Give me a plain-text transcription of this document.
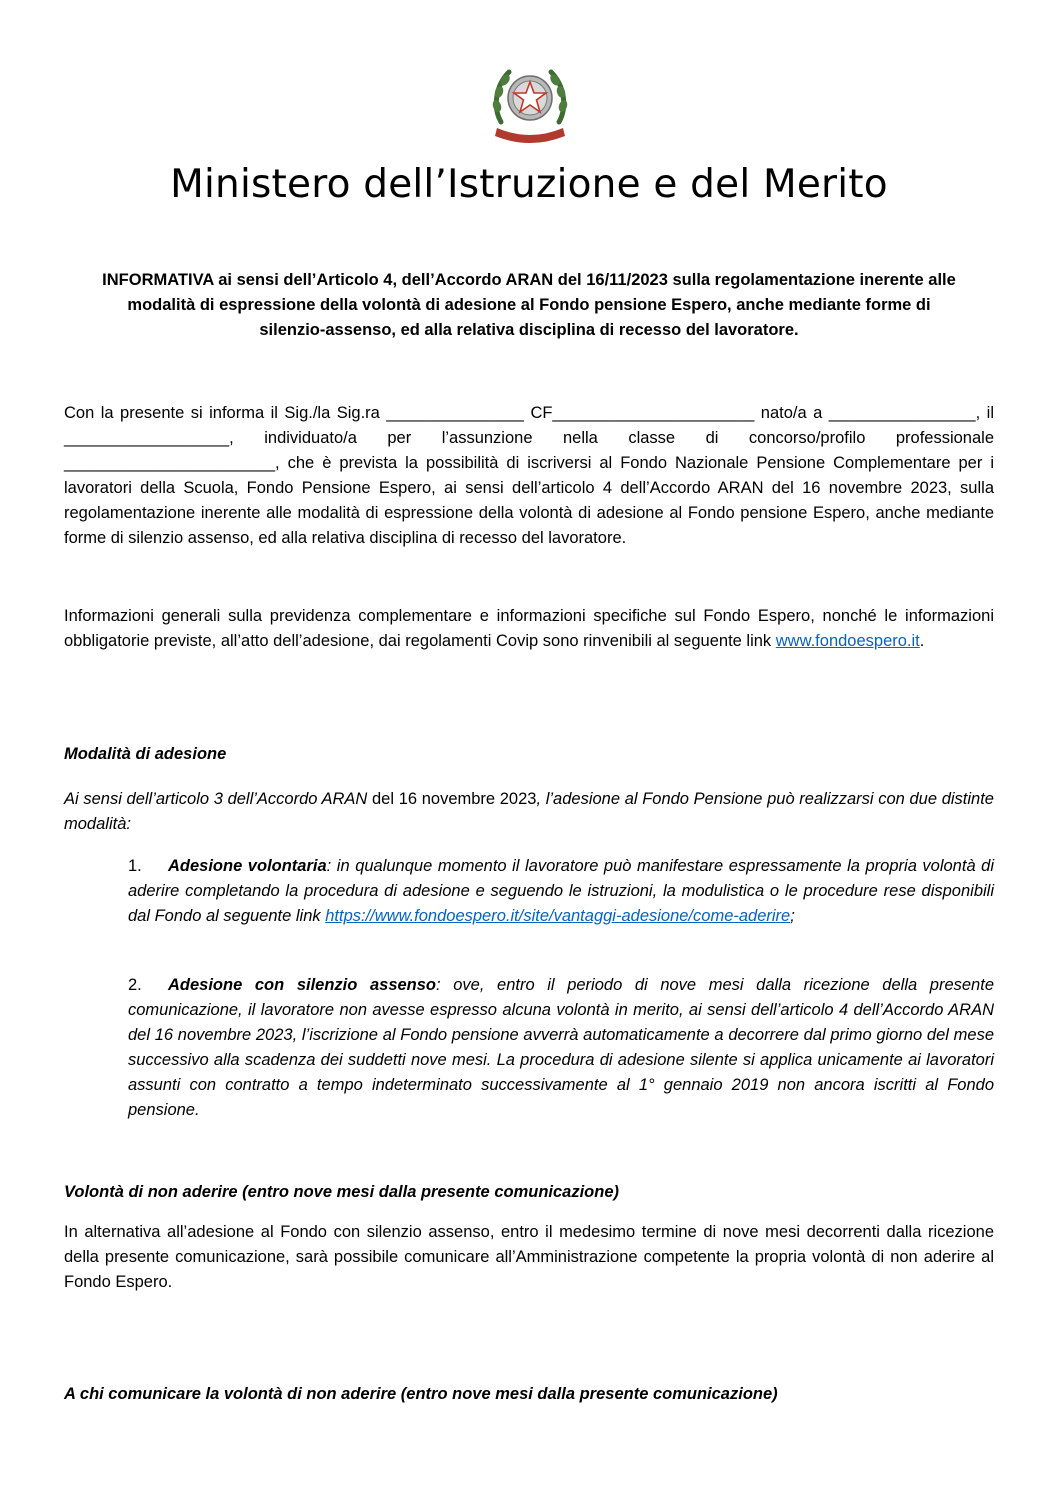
Ministero dell’Istruzione e del Merito

INFORMATIVA ai sensi dell’Articolo 4, dell’Accordo ARAN del 16/11/2023 sulla regolamentazione inerente alle modalità di espressione della volontà di adesione al Fondo pensione Espero, anche mediante forme di silenzio-assenso, ed alla relativa disciplina di recesso del lavoratore.

Con la presente si informa il Sig./la Sig.ra _______________ CF______________________ nato/a a ________________, il __________________, individuato/a per l’assunzione nella classe di concorso/profilo professionale _______________________, che è prevista la possibilità di iscriversi al Fondo Nazionale Pensione Complementare per i lavoratori della Scuola, Fondo Pensione Espero, ai sensi dell’articolo 4 dell’Accordo ARAN del 16 novembre 2023, sulla regolamentazione inerente alle modalità di espressione della volontà di adesione al Fondo pensione Espero, anche mediante forme di silenzio assenso, ed alla relativa disciplina di recesso del lavoratore.

Informazioni generali sulla previdenza complementare e informazioni specifiche sul Fondo Espero, nonché le informazioni obbligatorie previste, all’atto dell’adesione, dai regolamenti Covip sono rinvenibili al seguente link www.fondoespero.it.

Modalità di adesione

Ai sensi dell’articolo 3 dell’Accordo ARAN del 16 novembre 2023, l’adesione al Fondo Pensione può realizzarsi con due distinte modalità:

1. Adesione volontaria: in qualunque momento il lavoratore può manifestare espressamente la propria volontà di aderire completando la procedura di adesione e seguendo le istruzioni, la modulistica o le procedure rese disponibili dal Fondo al seguente link https://www.fondoespero.it/site/vantaggi-adesione/come-aderire;

2. Adesione con silenzio assenso: ove, entro il periodo di nove mesi dalla ricezione della presente comunicazione, il lavoratore non avesse espresso alcuna volontà in merito, ai sensi dell’articolo 4 dell’Accordo ARAN del 16 novembre 2023, l’iscrizione al Fondo pensione avverrà automaticamente a decorrere dal primo giorno del mese successivo alla scadenza dei suddetti nove mesi. La procedura di adesione silente si applica unicamente ai lavoratori assunti con contratto a tempo indeterminato successivamente al 1° gennaio 2019 non ancora iscritti al Fondo pensione.

Volontà di non aderire (entro nove mesi dalla presente comunicazione)

In alternativa all’adesione al Fondo con silenzio assenso, entro il medesimo termine di nove mesi decorrenti dalla ricezione della presente comunicazione, sarà possibile comunicare all’Amministrazione competente la propria volontà di non aderire al Fondo Espero.

A chi comunicare la volontà di non aderire (entro nove mesi dalla presente comunicazione)
